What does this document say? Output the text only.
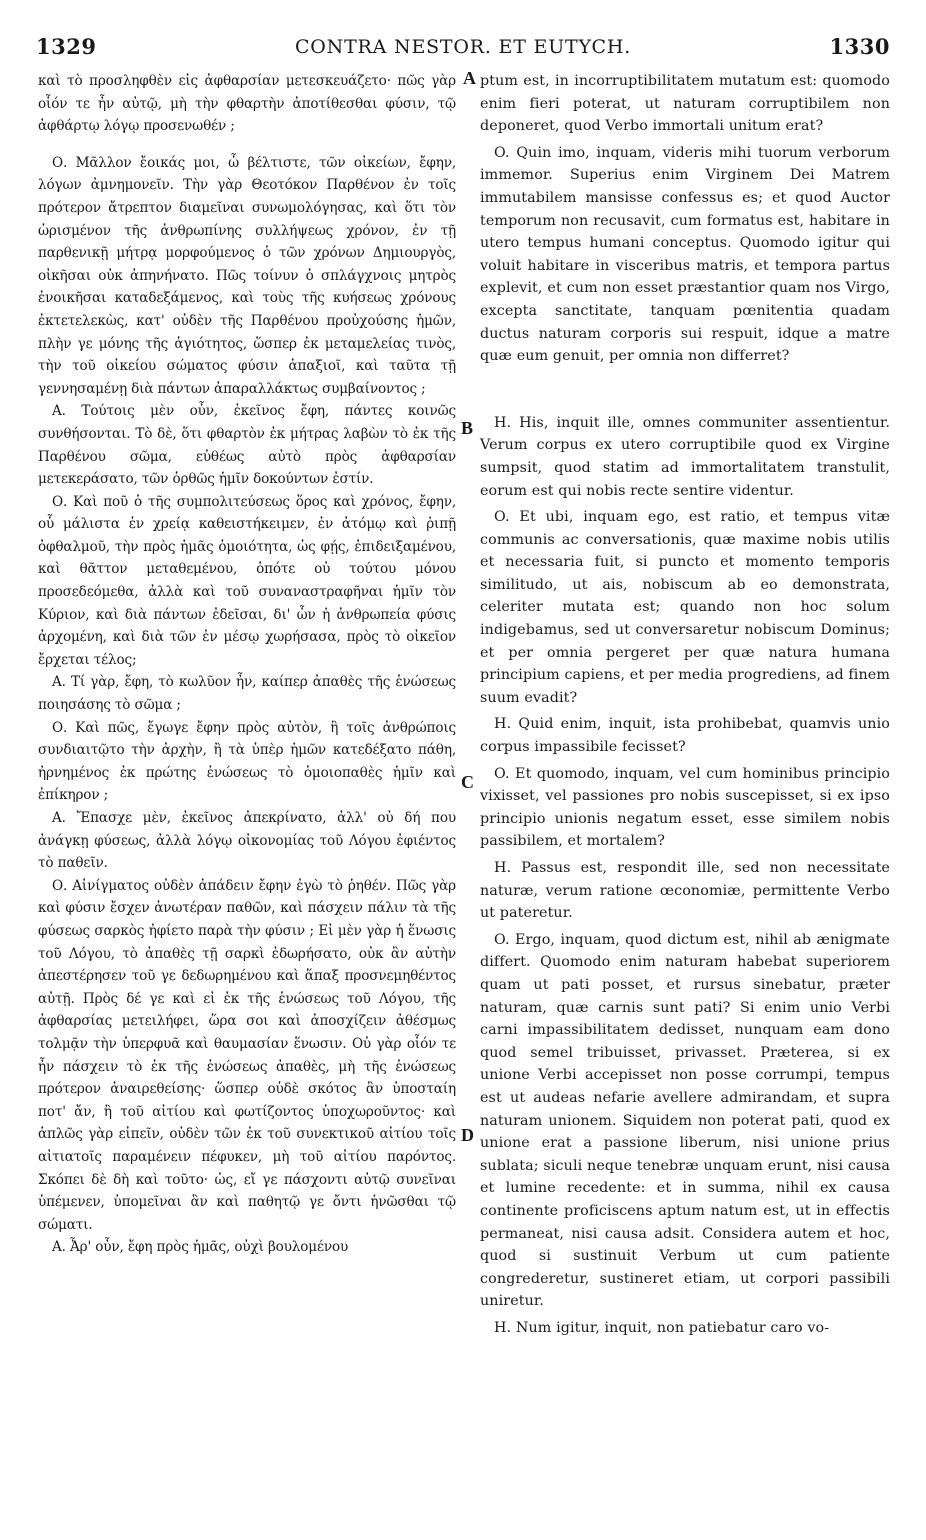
1329	CONTRA NESTOR. ET EUTYCH.	1330

καὶ τὸ προσληφθὲν εἰς ἀφθαρσίαν μετεσκευάζετο· πῶς γὰρ οἷόν τε ἦν αὐτῷ, μὴ τὴν φθαρτὴν ἀποτίθεσθαι φύσιν, τῷ ἀφθάρτῳ λόγῳ προσενωθέν ;

Ο. Μᾶλλον ἔοικάς μοι, ὦ βέλτιστε, τῶν οἰκείων, ἔφην, λόγων ἀμνημονεῖν. Τὴν γὰρ Θεοτόκον Παρθένον ἐν τοῖς πρότερον ἄτρεπτον διαμεῖναι συνωμολόγησας, καὶ ὅτι τὸν ὡρισμένον τῆς ἀνθρωπίνης συλλήψεως χρόνον, ἐν τῇ παρθενικῇ μήτρᾳ μορφούμενος ὁ τῶν χρόνων Δημιουργὸς, οἰκῆσαι οὐκ ἀπηνήνατο. Πῶς τοίνυν ὁ σπλάγχνοις μητρὸς ἐνοικῆσαι καταδεξάμενος, καὶ τοὺς τῆς κυήσεως χρόνους ἐκτετελεκὼς, κατ' οὐδὲν τῆς Παρθένου προὐχούσης ἡμῶν, πλὴν γε μόνης τῆς ἁγιότητος, ὥσπερ ἐκ μεταμελείας τινὸς, τὴν τοῦ οἰκείου σώματος φύσιν ἀπαξιοῖ, καὶ ταῦτα τῇ γεννησαμένῃ διὰ πάντων ἀπαραλλάκτως συμβαίνοντος ;

Α. Τούτοις μὲν οὖν, ἐκεῖνος ἔφη, πάντες κοινῶς συνθήσονται. Τὸ δὲ, ὅτι φθαρτὸν ἐκ μήτρας λαβὼν τὸ ἐκ τῆς Παρθένου σῶμα, εὐθέως αὐτὸ πρὸς ἀφθαρσίαν μετεκεράσατο, τῶν ὀρθῶς ἡμῖν δοκούντων ἐστίν.

Ο. Καὶ ποῦ ὁ τῆς συμπολιτεύσεως ὅρος καὶ χρόνος, ἔφην, οὗ μάλιστα ἐν χρείᾳ καθειστήκειμεν, ἐν ἀτόμῳ καὶ ῥιπῇ ὀφθαλμοῦ, τὴν πρὸς ἡμᾶς ὁμοιότητα, ὡς φῄς, ἐπιδειξαμένου, καὶ θᾶττον μεταθεμένου, ὁπότε οὐ τούτου μόνου προσεδεόμεθα, ἀλλὰ καὶ τοῦ συναναστραφῆναι ἡμῖν τὸν Κύριον, καὶ διὰ πάντων ἐδεῖσαι, δι' ὧν ἡ ἀνθρωπεία φύσις ἀρχομένη, καὶ διὰ τῶν ἐν μέσῳ χωρήσασα, πρὸς τὸ οἰκεῖον ἔρχεται τέλος;

Α. Τί γὰρ, ἔφη, τὸ κωλῦον ἦν, καίπερ ἀπαθὲς τῆς ἑνώσεως ποιησάσης τὸ σῶμα ;

Ο. Καὶ πῶς, ἔγωγε ἔφην πρὸς αὐτὸν, ἢ τοῖς ἀνθρώποις συνδιαιτῷτο τὴν ἀρχὴν, ἢ τὰ ὑπὲρ ἡμῶν κατεδέξατο πάθη, ἠρνημένος ἐκ πρώτης ἑνώσεως τὸ ὁμοιοπαθὲς ἡμῖν καὶ ἐπίκηρον ;

Α. Ἔπασχε μὲν, ἐκεῖνος ἀπεκρίνατο, ἀλλ' οὐ δή που ἀνάγκῃ φύσεως, ἀλλὰ λόγῳ οἰκονομίας τοῦ Λόγου ἐφιέντος τὸ παθεῖν.

Ο. Αἰνίγματος οὐδὲν ἀπάδειν ἔφην ἐγὼ τὸ ῥηθέν. Πῶς γὰρ καὶ φύσιν ἔσχεν ἀνωτέραν παθῶν, καὶ πάσχειν πάλιν τὰ τῆς φύσεως σαρκὸς ἠφίετο παρὰ τὴν φύσιν ; Εἰ μὲν γὰρ ἡ ἕνωσις τοῦ Λόγου, τὸ ἀπαθὲς τῇ σαρκὶ ἐδωρήσατο, οὐκ ἂν αὐτὴν ἀπεστέρησεν τοῦ γε δεδωρημένου καὶ ἅπαξ προσνεμηθέντος αὐτῇ. Πρὸς δέ γε καὶ εἰ ἐκ τῆς ἑνώσεως τοῦ Λόγου, τῆς ἀφθαρσίας μετειλήφει, ὥρα σοι καὶ ἀποσχίζειν ἀθέσμως τολμᾷν τὴν ὑπερφυᾶ καὶ θαυμασίαν ἕνωσιν. Οὐ γὰρ οἷόν τε ἦν πάσχειν τὸ ἐκ τῆς ἑνώσεως ἀπαθὲς, μὴ τῆς ἑνώσεως πρότερον ἀναιρεθείσης· ὥσπερ οὐδὲ σκότος ἂν ὑποσταίη ποτ' ἄν, ἢ τοῦ αἰτίου καὶ φωτίζοντος ὑποχωροῦντος· καὶ ἁπλῶς γὰρ εἰπεῖν, οὐδὲν τῶν ἐκ τοῦ συνεκτικοῦ αἰτίου τοῖς αἰτιατοῖς παραμένειν πέφυκεν, μὴ τοῦ αἰτίου παρόντος. Σκόπει δὲ δὴ καὶ τοῦτο· ὡς, εἴ γε πάσχοντι αὐτῷ συνεῖναι ὑπέμενεν, ὑπομεῖναι ἂν καὶ παθητῷ γε ὄντι ἡνῶσθαι τῷ σώματι.

Α. Ἆρ' οὖν, ἔφη πρὸς ἡμᾶς, οὐχὶ βουλομένου

A
B
C
D

ptum est, in incorruptibilitatem mutatum est: quomodo enim fieri poterat, ut naturam corruptibilem non deponeret, quod Verbo immortali unitum erat?

O. Quin imo, inquam, videris mihi tuorum verborum immemor. Superius enim Virginem Dei Matrem immutabilem mansisse confessus es; et quod Auctor temporum non recusavit, cum formatus est, habitare in utero tempus humani conceptus. Quomodo igitur qui voluit habitare in visceribus matris, et tempora partus explevit, et cum non esset præstantior quam nos Virgo, excepta sanctitate, tanquam pœnitentia quadam ductus naturam corporis sui respuit, idque a matre quæ eum genuit, per omnia non differret?

H. His, inquit ille, omnes communiter assentientur. Verum corpus ex utero corruptibile quod ex Virgine sumpsit, quod statim ad immortalitatem transtulit, eorum est qui nobis recte sentire videntur.

O. Et ubi, inquam ego, est ratio, et tempus vitæ communis ac conversationis, quæ maxime nobis utilis et necessaria fuit, si puncto et momento temporis similitudo, ut ais, nobiscum ab eo demonstrata, celeriter mutata est; quando non hoc solum indigebamus, sed ut conversaretur nobiscum Dominus; et per omnia pergeret per quæ natura humana principium capiens, et per media progrediens, ad finem suum evadit?

H. Quid enim, inquit, ista prohibebat, quamvis unio corpus impassibile fecisset?

O. Et quomodo, inquam, vel cum hominibus principio vixisset, vel passiones pro nobis suscepisset, si ex ipso principio unionis negatum esset, esse similem nobis passibilem, et mortalem?

H. Passus est, respondit ille, sed non necessitate naturæ, verum ratione œconomiæ, permittente Verbo ut pateretur.

O. Ergo, inquam, quod dictum est, nihil ab ænigmate differt. Quomodo enim naturam habebat superiorem quam ut pati posset, et rursus sinebatur, præter naturam, quæ carnis sunt pati? Si enim unio Verbi carni impassibilitatem dedisset, nunquam eam dono quod semel tribuisset, privasset. Præterea, si ex unione Verbi accepisset non posse corrumpi, tempus est ut audeas nefarie avellere admirandam, et supra naturam unionem. Siquidem non poterat pati, quod ex unione erat a passione liberum, nisi unione prius sublata; siculi neque tenebræ unquam erunt, nisi causa et lumine recedente: et in summa, nihil ex causa continente proficiscens aptum natum est, ut in effectis permaneat, nisi causa adsit. Considera autem et hoc, quod si sustinuit Verbum ut cum patiente congrederetur, sustineret etiam, ut corpori passibili uniretur.

H. Num igitur, inquit, non patiebatur caro vo-
